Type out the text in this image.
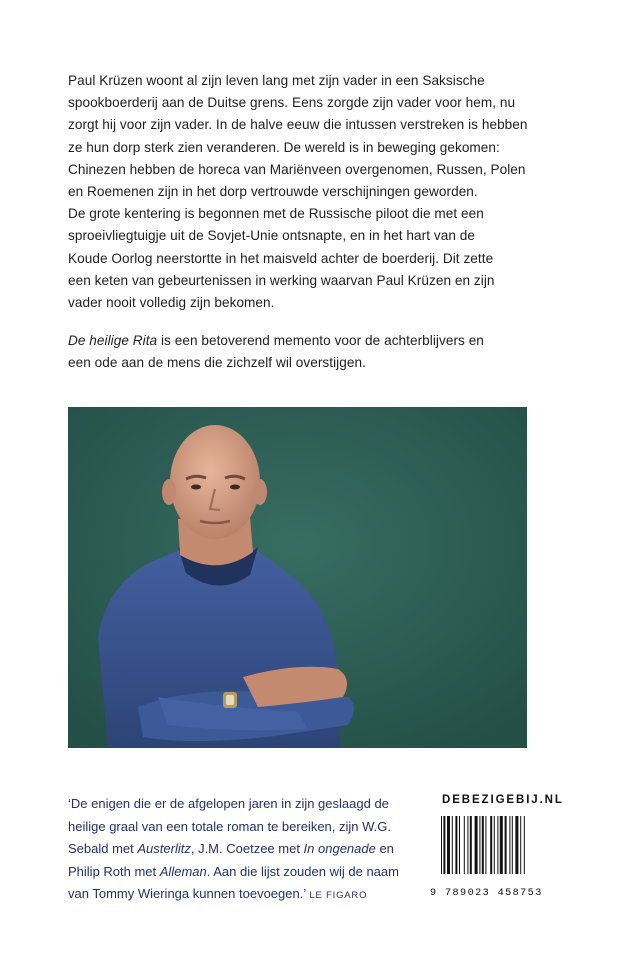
Paul Krüzen woont al zijn leven lang met zijn vader in een Saksische
spookboerderij aan de Duitse grens. Eens zorgde zijn vader voor hem, nu
zorgt hij voor zijn vader. In de halve eeuw die intussen verstreken is hebben
ze hun dorp sterk zien veranderen. De wereld is in beweging gekomen:
Chinezen hebben de horeca van Mariënveen overgenomen, Russen, Polen
en Roemenen zijn in het dorp vertrouwde verschijningen geworden.
De grote kentering is begonnen met de Russische piloot die met een
sproeivliegtuigje uit de Sovjet-Unie ontsnapte, en in het hart van de
Koude Oorlog neerstortte in het maisveld achter de boerderij. Dit zette
een keten van gebeurtenissen in werking waarvan Paul Krüzen en zijn
vader nooit volledig zijn bekomen.

De heilige Rita is een betoverend memento voor de achterblijvers en
een ode aan de mens die zichzelf wil overstijgen.

‘De enigen die er de afgelopen jaren in zijn geslaagd de
heilige graal van een totale roman te bereiken, zijn W.G.
Sebald met Austerlitz, J.M. Coetzee met In ongenade en
Philip Roth met Alleman. Aan die lijst zouden wij de naam
van Tommy Wieringa kunnen toevoegen.’ LE FIGARO
DEBEZIGEBIJ.NL
9 789023 458753
